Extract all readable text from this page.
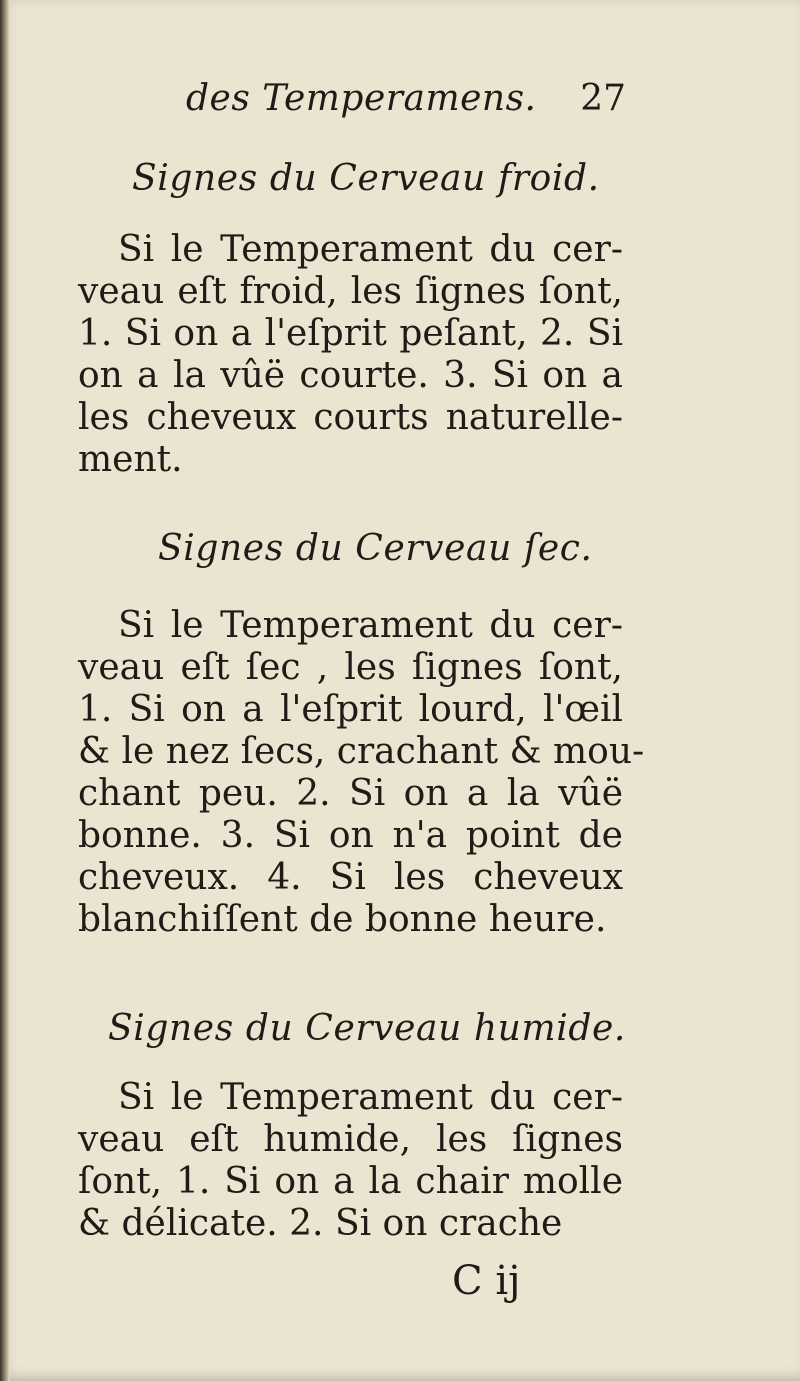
des Temperamens. 27
Signes du Cerveau froid.
Si le Temperament du cer-
veau eſt froid, les ſignes ſont,
1. Si on a l'eſprit peſant, 2. Si
on a la vûë courte. 3. Si on a
les cheveux courts naturelle-
ment.
Signes du Cerveau ſec.
Si le Temperament du cer-
veau eſt ſec , les ſignes ſont,
1. Si on a l'eſprit lourd, l'œil
& le nez ſecs, crachant & mou-
chant peu. 2. Si on a la vûë
bonne. 3. Si on n'a point de
cheveux. 4. Si les cheveux
blanchiſſent de bonne heure.
Signes du Cerveau humide.
Si le Temperament du cer-
veau eſt humide, les ſignes
ſont, 1. Si on a la chair molle
& délicate. 2. Si on crache
C ij
